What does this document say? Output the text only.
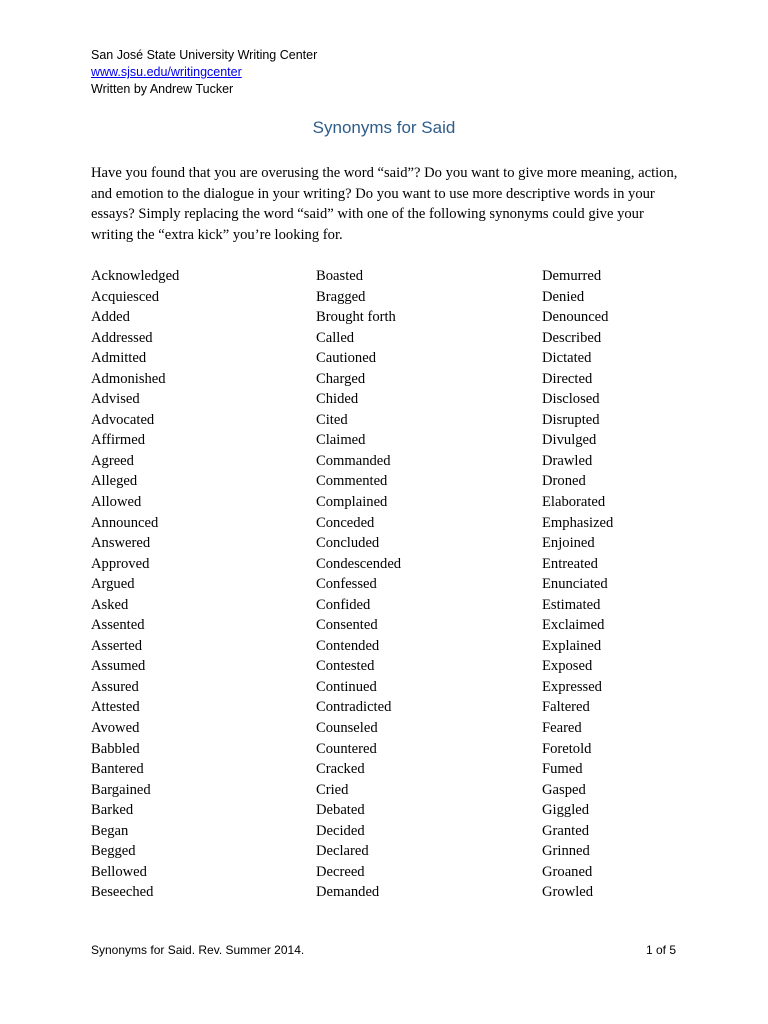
San José State University Writing Center
www.sjsu.edu/writingcenter
Written by Andrew Tucker
Synonyms for Said

Have you found that you are overusing the word “said”? Do you want to give more meaning, action, and emotion to the dialogue in your writing? Do you want to use more descriptive words in your essays? Simply replacing the word “said” with one of the following synonyms could give your writing the “extra kick” you’re looking for.

Acknowledged
Acquiesced
Added
Addressed
Admitted
Admonished
Advised
Advocated
Affirmed
Agreed
Alleged
Allowed
Announced
Answered
Approved
Argued
Asked
Assented
Asserted
Assumed
Assured
Attested
Avowed
Babbled
Bantered
Bargained
Barked
Began
Begged
Bellowed
Beseeched
Boasted
Bragged
Brought forth
Called
Cautioned
Charged
Chided
Cited
Claimed
Commanded
Commented
Complained
Conceded
Concluded
Condescended
Confessed
Confided
Consented
Contended
Contested
Continued
Contradicted
Counseled
Countered
Cracked
Cried
Debated
Decided
Declared
Decreed
Demanded
Demurred
Denied
Denounced
Described
Dictated
Directed
Disclosed
Disrupted
Divulged
Drawled
Droned
Elaborated
Emphasized
Enjoined
Entreated
Enunciated
Estimated
Exclaimed
Explained
Exposed
Expressed
Faltered
Feared
Foretold
Fumed
Gasped
Giggled
Granted
Grinned
Groaned
Growled
Synonyms for Said. Rev. Summer 2014.	1 of 5
